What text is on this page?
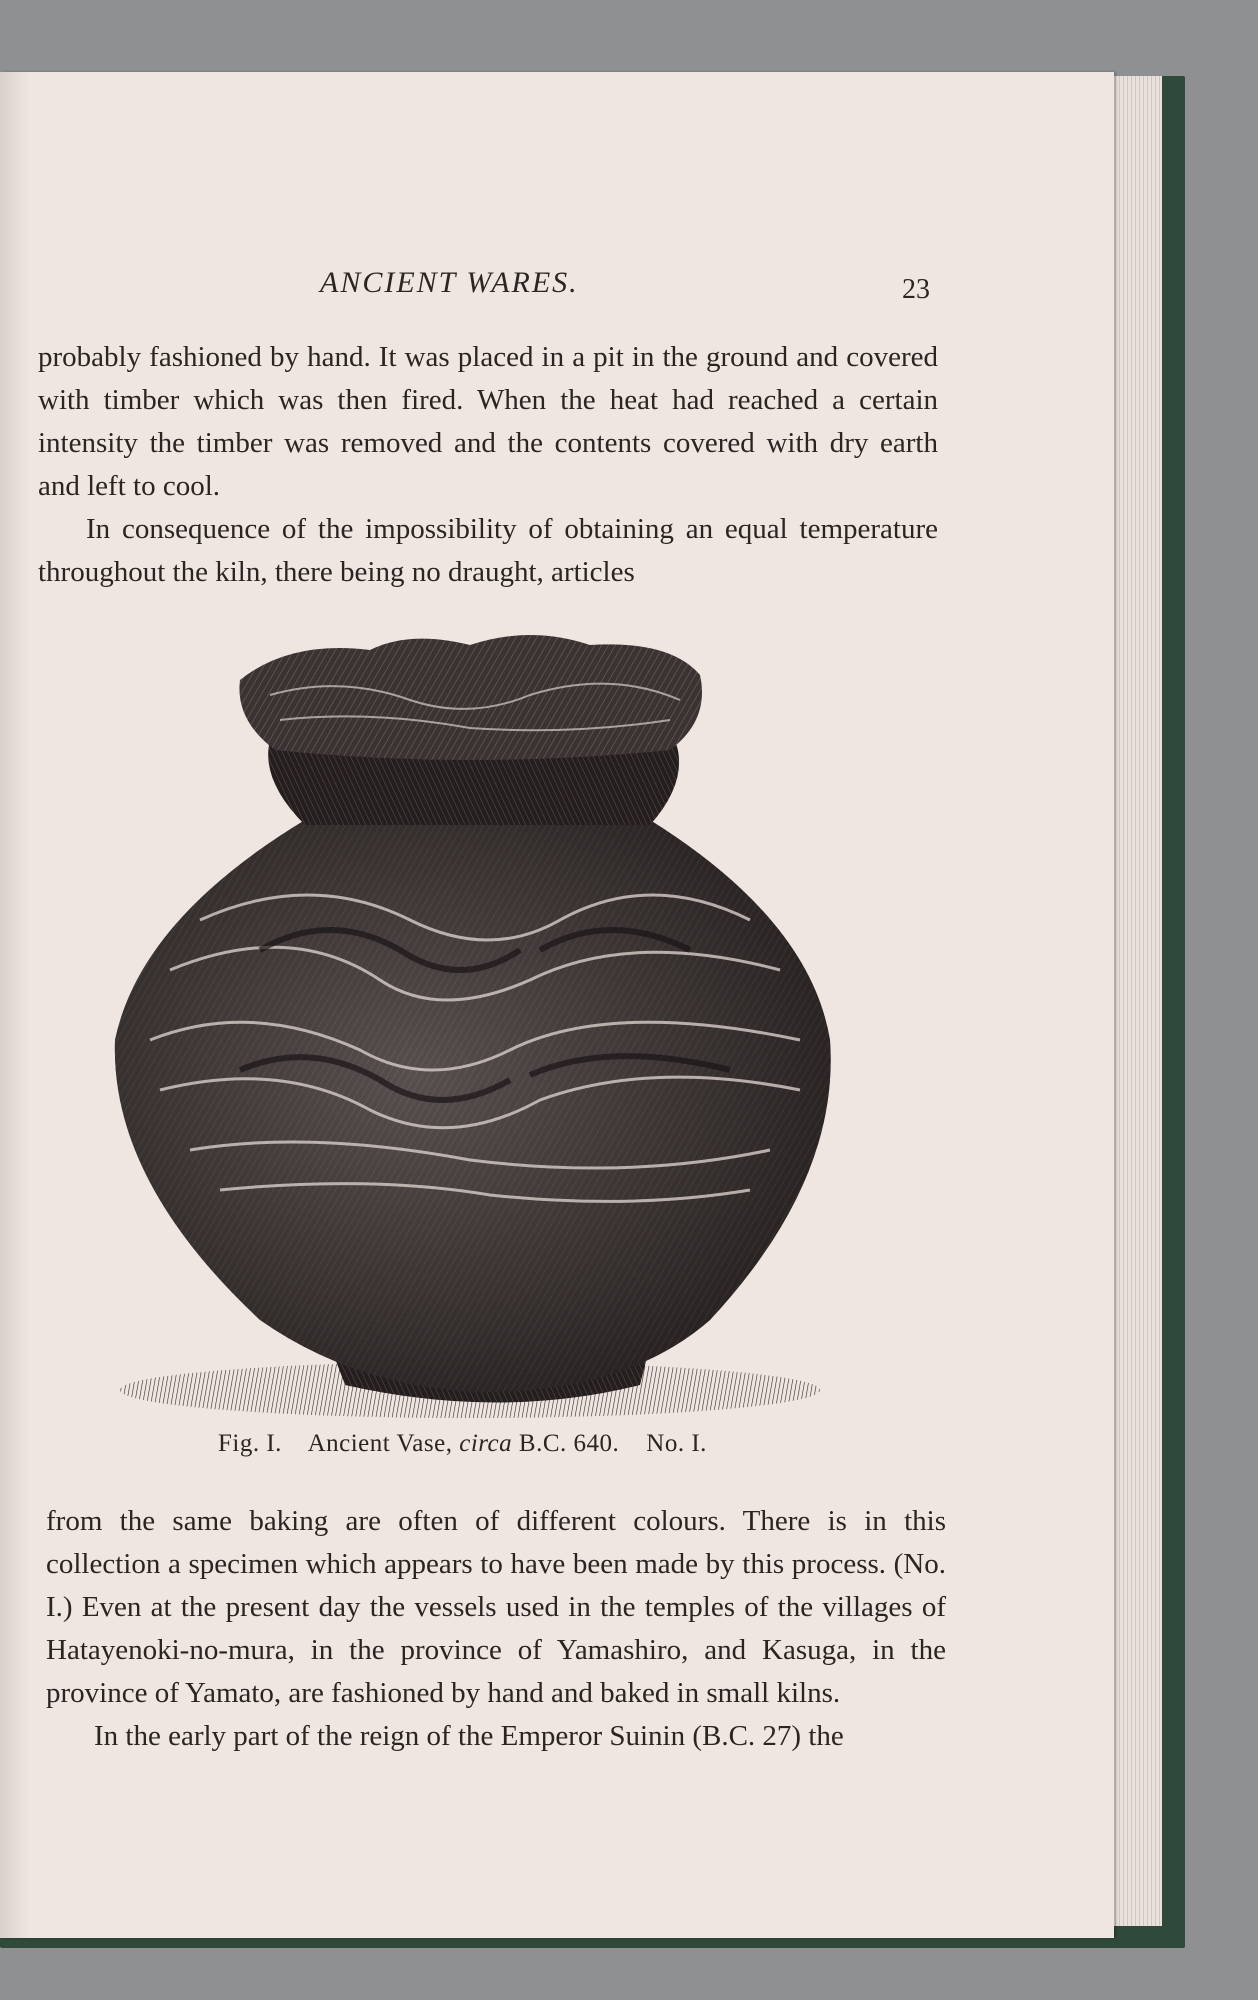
ANCIENT WARES.	23

probably fashioned by hand. It was placed in a pit in the ground and covered with timber which was then fired. When the heat had reached a certain intensity the timber was removed and the contents covered with dry earth and left to cool.

In consequence of the impossibility of obtaining an equal temperature throughout the kiln, there being no draught, articles

Fig. I. Ancient Vase, circa B.C. 640. No. I.

from the same baking are often of different colours. There is in this collection a specimen which appears to have been made by this process. (No. I.) Even at the present day the vessels used in the temples of the villages of Hatayenoki-no-mura, in the province of Yamashiro, and Kasuga, in the province of Yamato, are fashioned by hand and baked in small kilns.

In the early part of the reign of the Emperor Suinin (B.C. 27) the
